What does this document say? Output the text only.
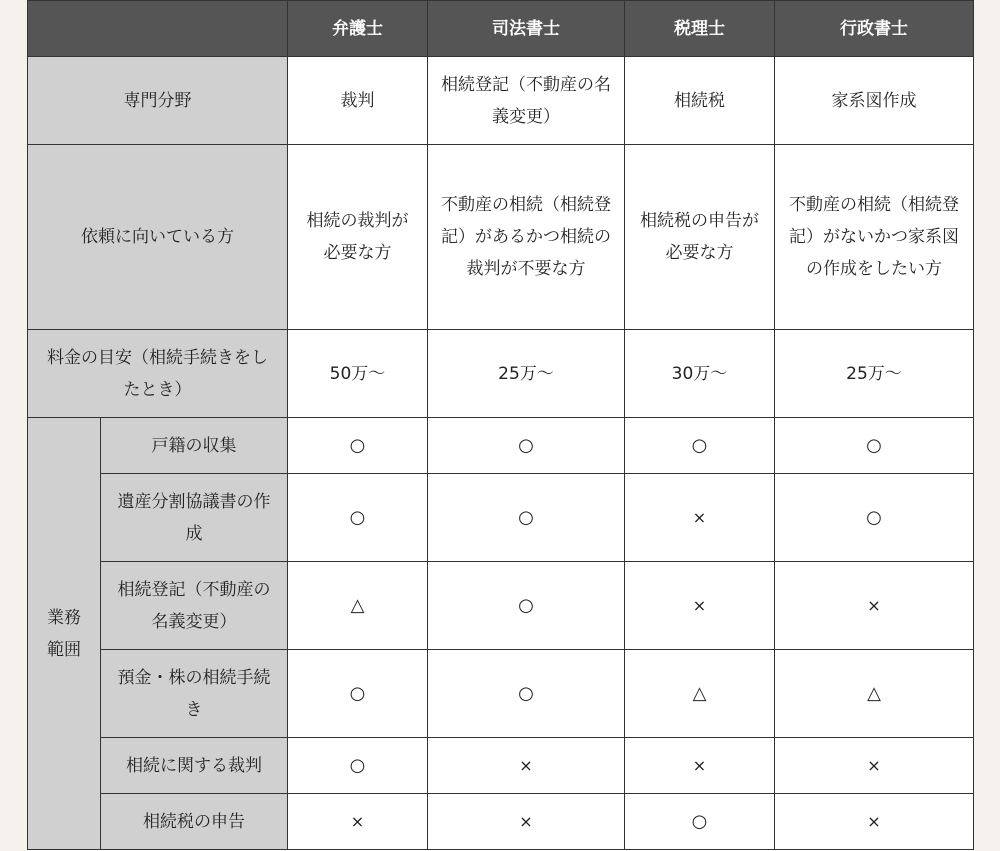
		弁護士	司法書士	税理士	行政書士
専門分野		裁判	相続登記（不動産の名義変更）	相続税	家系図作成
依頼に向いている方		相続の裁判が必要な方	不動産の相続（相続登記）があるかつ相続の裁判が不要な方	相続税の申告が必要な方	不動産の相続（相続登記）がないかつ家系図の作成をしたい方
料金の目安（相続手続きをしたとき）		50万〜	25万〜	30万〜	25万〜
業務範囲	戸籍の収集	○	○	○	○
	遺産分割協議書の作成	○	○	×	○
	相続登記（不動産の名義変更）	△	○	×	×
	預金・株の相続手続き	○	○	△	△
	相続に関する裁判	○	×	×	×
	相続税の申告	×	×	○	×
